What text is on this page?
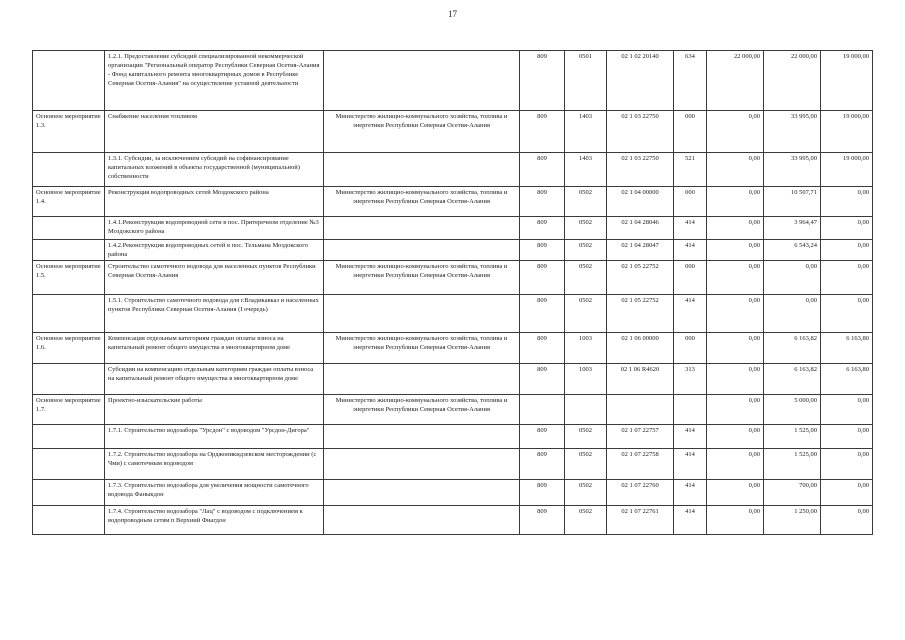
17
	1.2.1. Предоставление субсидий специализированной некоммерческой организации "Региональный оператор Республики Северная Осетия-Алания - Фонд капитального ремонта многоквартирных домов в Республике Северная Осетия-Алания" на осуществление уставной деятельности		809	0501	02 1 02 20140	634	22 000,00	22 000,00	19 000,00
Основное мероприятие 1.3.	Снабжение населения топливом	Министерство жилищно-коммунального хозяйства, топлива и энергетики Республики Северная Осетия-Алания	809	1403	02 1 03 22750	000	0,00	33 995,00	19 000,00
	1.3.1. Субсидии, за исключением субсидий на софинансирование капитальных вложений в объекты государственной (муниципальной) собственности		809	1403	02 1 03 22750	521	0,00	33 995,00	19 000,00
Основное мероприятие 1.4.	Реконструкция водопроводных сетей Моздокского района	Министерство жилищно-коммунального хозяйства, топлива и энергетики Республики Северная Осетия-Алания	809	0502	02 1 04 00000	000	0,00	10 507,71	0,00
	1.4.1.Реконструкция водопроводной сети в пос. Притеречном отделение №3 Моздокского района		809	0502	02 1 04 28046	414	0,00	3 964,47	0,00
	1.4.2.Реконструкция водопроводных сетей в пос. Тельмана Моздокского района		809	0502	02 1 04 28047	414	0,00	6 543,24	0,00
Основное мероприятие 1.5.	Строительство самотечного водовода для населенных пунктов Республики Северная Осетия-Алания	Министерство жилищно-коммунального хозяйства, топлива и энергетики Республики Северная Осетия-Алания	809	0502	02 1 05 22752	000	0,00	0,00	0,00
	1.5.1. Строительство самотечного водовода для г.Владикавказ и населенных пунктов Республики Северная Осетия-Алания (I очередь)		809	0502	02 1 05 22752	414	0,00	0,00	0,00
Основное мероприятие 1.6.	Компенсация отдельным категориям граждан оплаты взноса на капитальный ремонт общего имущества в многоквартирном доме	Министерство жилищно-коммунального хозяйства, топлива и энергетики Республики Северная Осетия-Алания	809	1003	02 1 06 00000	000	0,00	6 163,82	6 163,80
	Субсидии на компенсацию отдельным категориям граждан оплаты взноса на капитальный ремонт общего имущества в многоквартирном доме		809	1003	02 1 06 R4620	313	0,00	6 163,82	6 163,80
Основное мероприятие 1.7.	Проектно-изыскательские работы	Министерство жилищно-коммунального хозяйства, топлива и энергетики Республики Северная Осетия-Алания					0,00	5 000,00	0,00
	1.7.1. Строительство водозабора "Урсдон" с водоводом "Урсдон-Дигора"		809	0502	02 1 07 22757	414	0,00	1 525,00	0,00
	1.7.2. Строительство водозабора на Орджоникидзевском месторождении (с Чми) с самотечным водоводом		809	0502	02 1 07 22758	414	0,00	1 525,00	0,00
	1.7.3. Строительство водозабора для увеличения мощности самотечного водовода Фаныкдон		809	0502	02 1 07 22760	414	0,00	700,00	0,00
	1.7.4. Строительство водозабора "Лац" с водоводом с подключением к водопроводным сетям п Верхний Фиагдон		809	0502	02 1 07 22761	414	0,00	1 250,00	0,00
